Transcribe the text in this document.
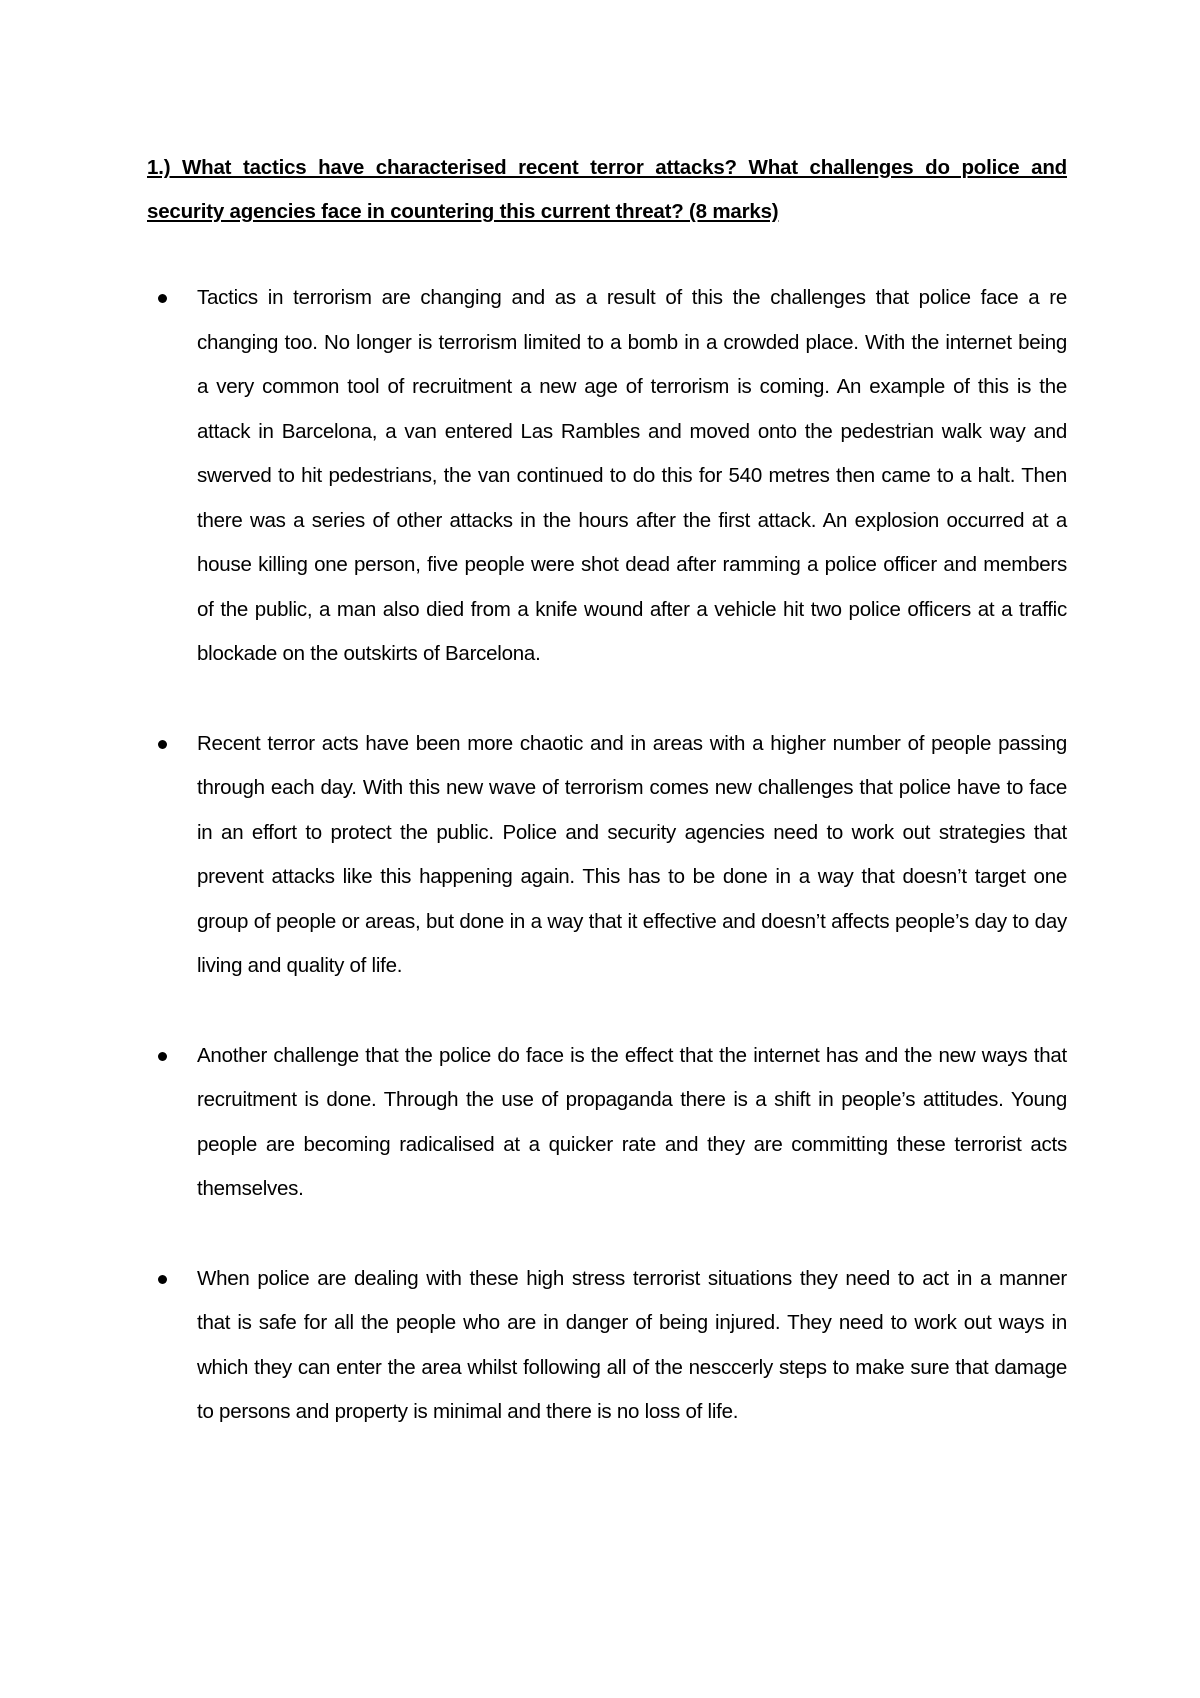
1.) What tactics have characterised recent terror attacks? What challenges do police and security agencies face in countering this current threat? (8 marks)

Tactics in terrorism are changing and as a result of this the challenges that police face a re changing too. No longer is terrorism limited to a bomb in a crowded place. With the internet being a very common tool of recruitment a new age of terrorism is coming. An example of this is the attack in Barcelona, a van entered Las Rambles and moved onto the pedestrian walk way and swerved to hit pedestrians, the van continued to do this for 540 metres then came to a halt. Then there was a series of other attacks in the hours after the first attack. An explosion occurred at a house killing one person, five people were shot dead after ramming a police officer and members of the public, a man also died from a knife wound after a vehicle hit two police officers at a traffic blockade on the outskirts of Barcelona.

Recent terror acts have been more chaotic and in areas with a higher number of people passing through each day. With this new wave of terrorism comes new challenges that police have to face in an effort to protect the public. Police and security agencies need to work out strategies that prevent attacks like this happening again. This has to be done in a way that doesn’t target one group of people or areas, but done in a way that it effective and doesn’t affects people’s day to day living and quality of life.

Another challenge that the police do face is the effect that the internet has and the new ways that recruitment is done. Through the use of propaganda there is a shift in people’s attitudes. Young people are becoming radicalised at a quicker rate and they are committing these terrorist acts themselves.

When police are dealing with these high stress terrorist situations they need to act in a manner that is safe for all the people who are in danger of being injured. They need to work out ways in which they can enter the area whilst following all of the nesccerly steps to make sure that damage to persons and property is minimal and there is no loss of life.
